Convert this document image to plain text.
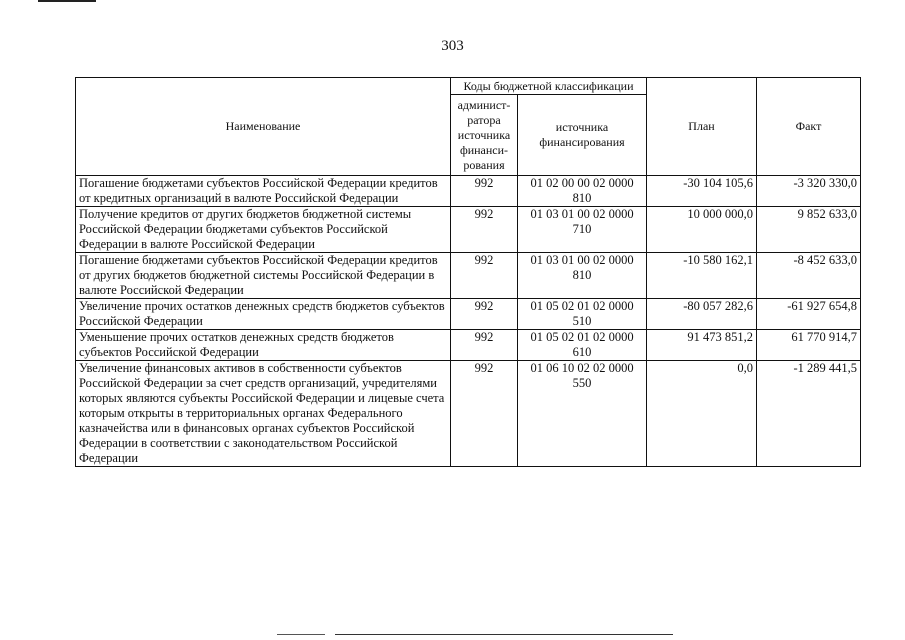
303
Наименование	Коды бюджетной классификации		План	Факт
	админист-ратора источника финанси-рования	источника финансирования		
Погашение бюджетами субъектов Российской Федерации кредитов от кредитных организаций в валюте Российской Федерации	992	01 02 00 00 02 0000 810	-30 104 105,6	-3 320 330,0
Получение кредитов от других бюджетов бюджетной системы Российской Федерации бюджетами субъектов Российской Федерации в валюте Российской Федерации	992	01 03 01 00 02 0000 710	10 000 000,0	9 852 633,0
Погашение бюджетами субъектов Российской Федерации кредитов от других бюджетов бюджетной системы Российской Федерации в валюте Российской Федерации	992	01 03 01 00 02 0000 810	-10 580 162,1	-8 452 633,0
Увеличение прочих остатков денежных средств бюджетов субъектов Российской Федерации	992	01 05 02 01 02 0000 510	-80 057 282,6	-61 927 654,8
Уменьшение прочих остатков денежных средств бюджетов субъектов Российской Федерации	992	01 05 02 01 02 0000 610	91 473 851,2	61 770 914,7
Увеличение финансовых активов в собственности субъектов Российской Федерации за счет средств организаций, учредителями которых являются субъекты Российской Федерации и лицевые счета которым открыты в территориальных органах Федерального казначейства или в финансовых органах субъектов Российской Федерации в соответствии с законодательством Российской Федерации	992	01 06 10 02 02 0000 550	0,0	-1 289 441,5
